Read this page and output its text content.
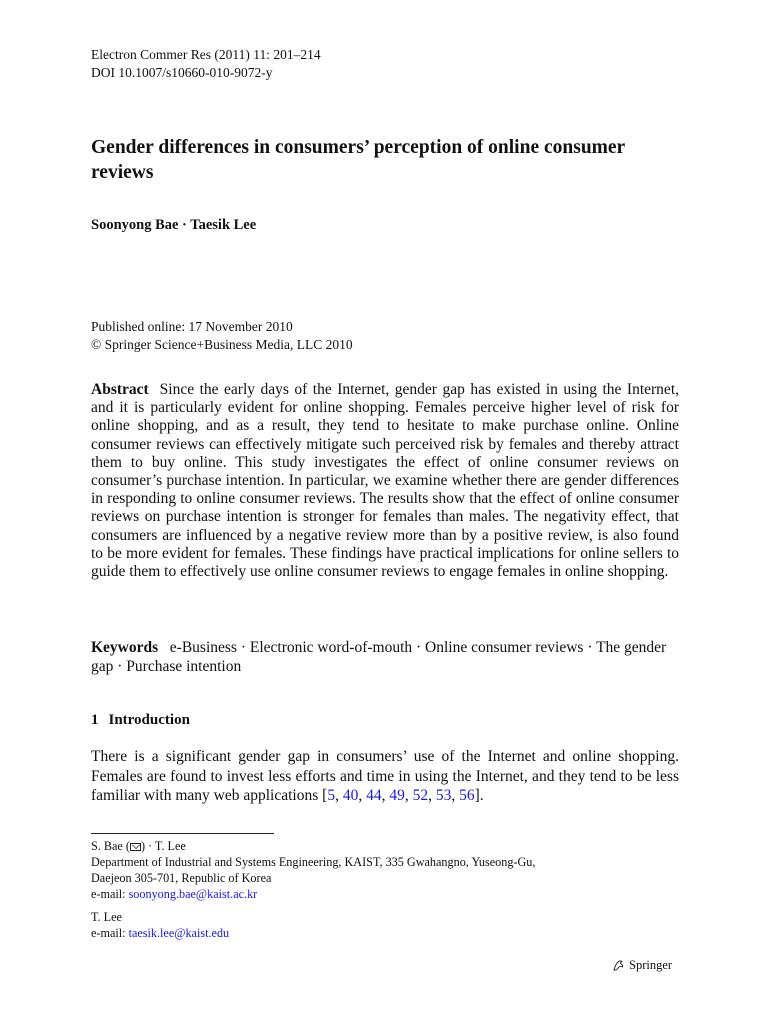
Electron Commer Res (2011) 11: 201–214
DOI 10.1007/s10660-010-9072-y
Gender differences in consumers’ perception of online consumer reviews
Soonyong Bae · Taesik Lee
Published online: 17 November 2010
© Springer Science+Business Media, LLC 2010
Abstract Since the early days of the Internet, gender gap has existed in using the Internet, and it is particularly evident for online shopping. Females perceive higher level of risk for online shopping, and as a result, they tend to hesitate to make purchase online. Online consumer reviews can effectively mitigate such perceived risk by females and thereby attract them to buy online. This study investigates the effect of online consumer reviews on consumer’s purchase intention. In particular, we examine whether there are gender differences in responding to online consumer reviews. The results show that the effect of online consumer reviews on purchase intention is stronger for females than males. The negativity effect, that consumers are influenced by a negative review more than by a positive review, is also found to be more evident for females. These findings have practical implications for online sellers to guide them to effectively use online consumer reviews to engage females in online shopping.
Keywords e-Business · Electronic word-of-mouth · Online consumer reviews · The gender gap · Purchase intention
1 Introduction
There is a significant gender gap in consumers’ use of the Internet and online shopping. Females are found to invest less efforts and time in using the Internet, and they tend to be less familiar with many web applications [5, 40, 44, 49, 52, 53, 56].
S. Bae ( ) · T. Lee
Department of Industrial and Systems Engineering, KAIST, 335 Gwahangno, Yuseong-Gu,
Daejeon 305-701, Republic of Korea
e-mail: soonyong.bae@kaist.ac.kr
T. Lee
e-mail: taesik.lee@kaist.edu
Springer
